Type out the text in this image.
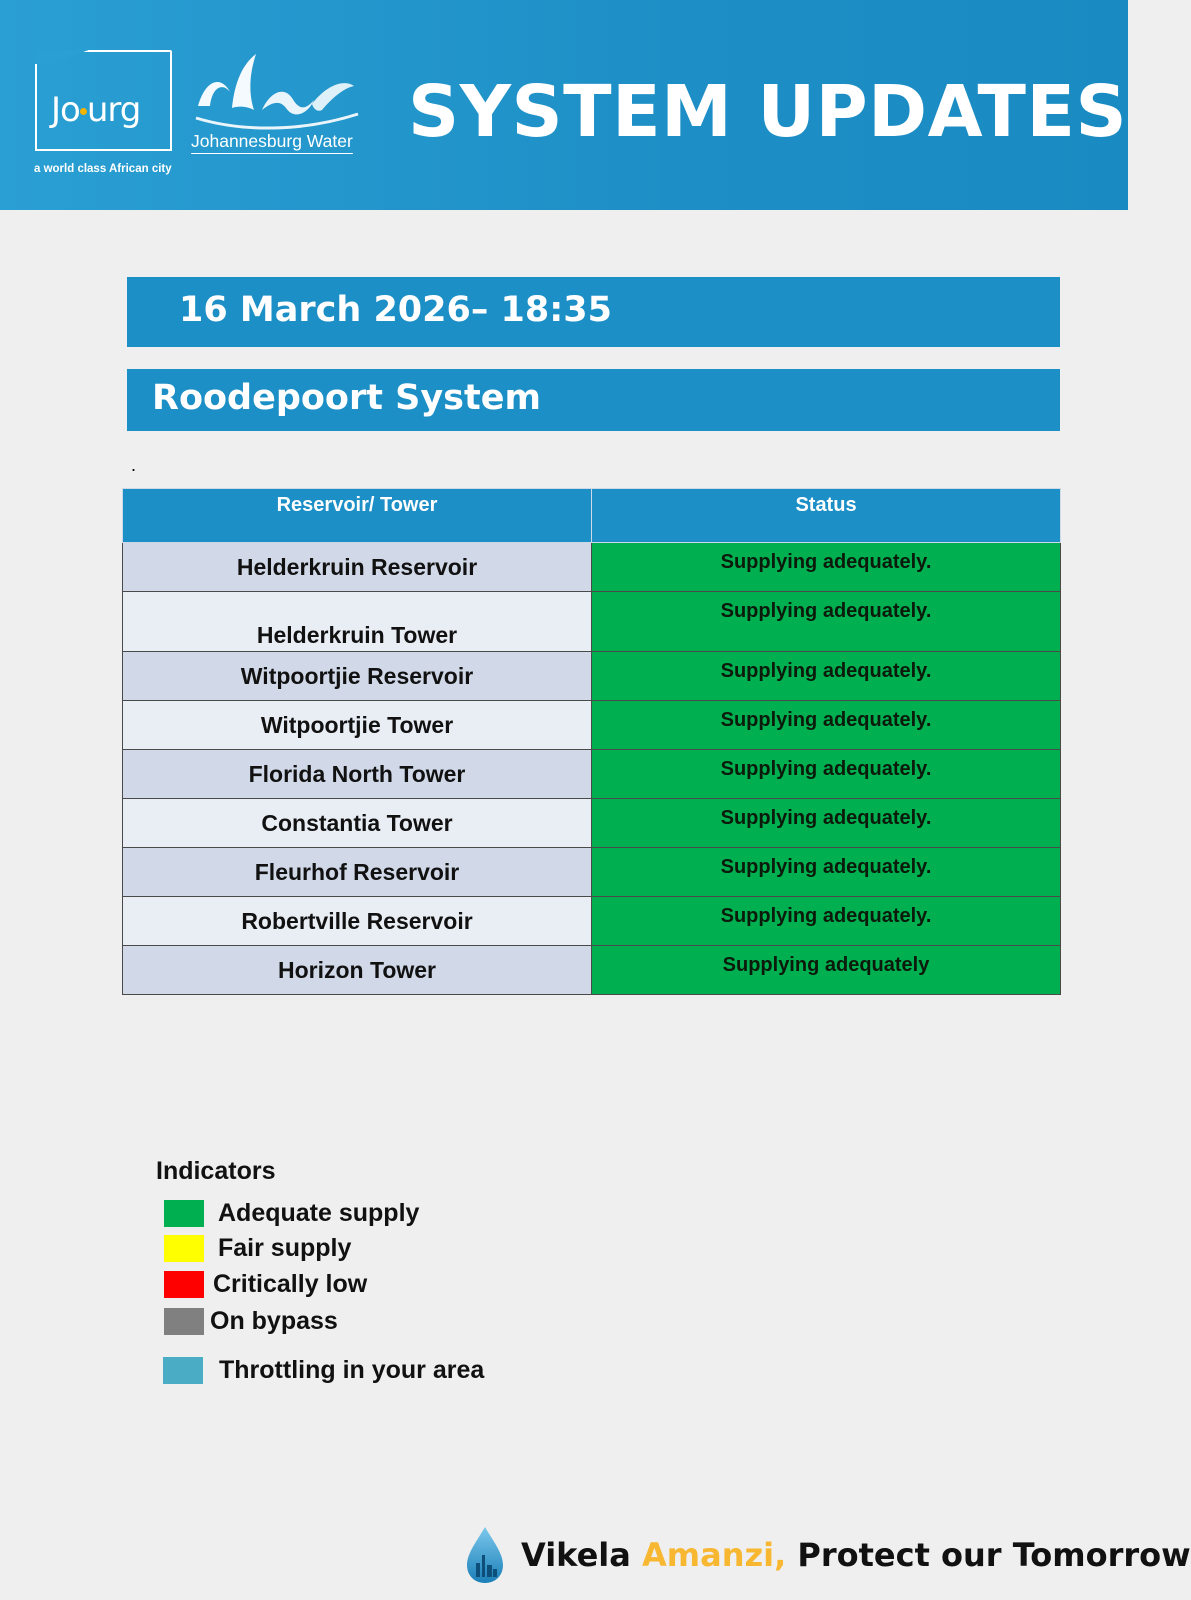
Jo urg
a world class African city
Johannesburg Water SYSTEM UPDATES
16 March 2026– 18:35
Roodepoort System
.
Reservoir/ Tower	Status
Helderkruin Reservoir	Supplying adequately.
Helderkruin Tower	Supplying adequately.
Witpoortjie Reservoir	Supplying adequately.
Witpoortjie Tower	Supplying adequately.
Florida North Tower	Supplying adequately.
Constantia Tower	Supplying adequately.
Fleurhof Reservoir	Supplying adequately.
Robertville Reservoir	Supplying adequately.
Horizon Tower	Supplying adequately
Indicators
Adequate supply
Fair supply
Critically low
On bypass
Throttling in your area
Vikela Amanzi, Protect our Tomorrow
